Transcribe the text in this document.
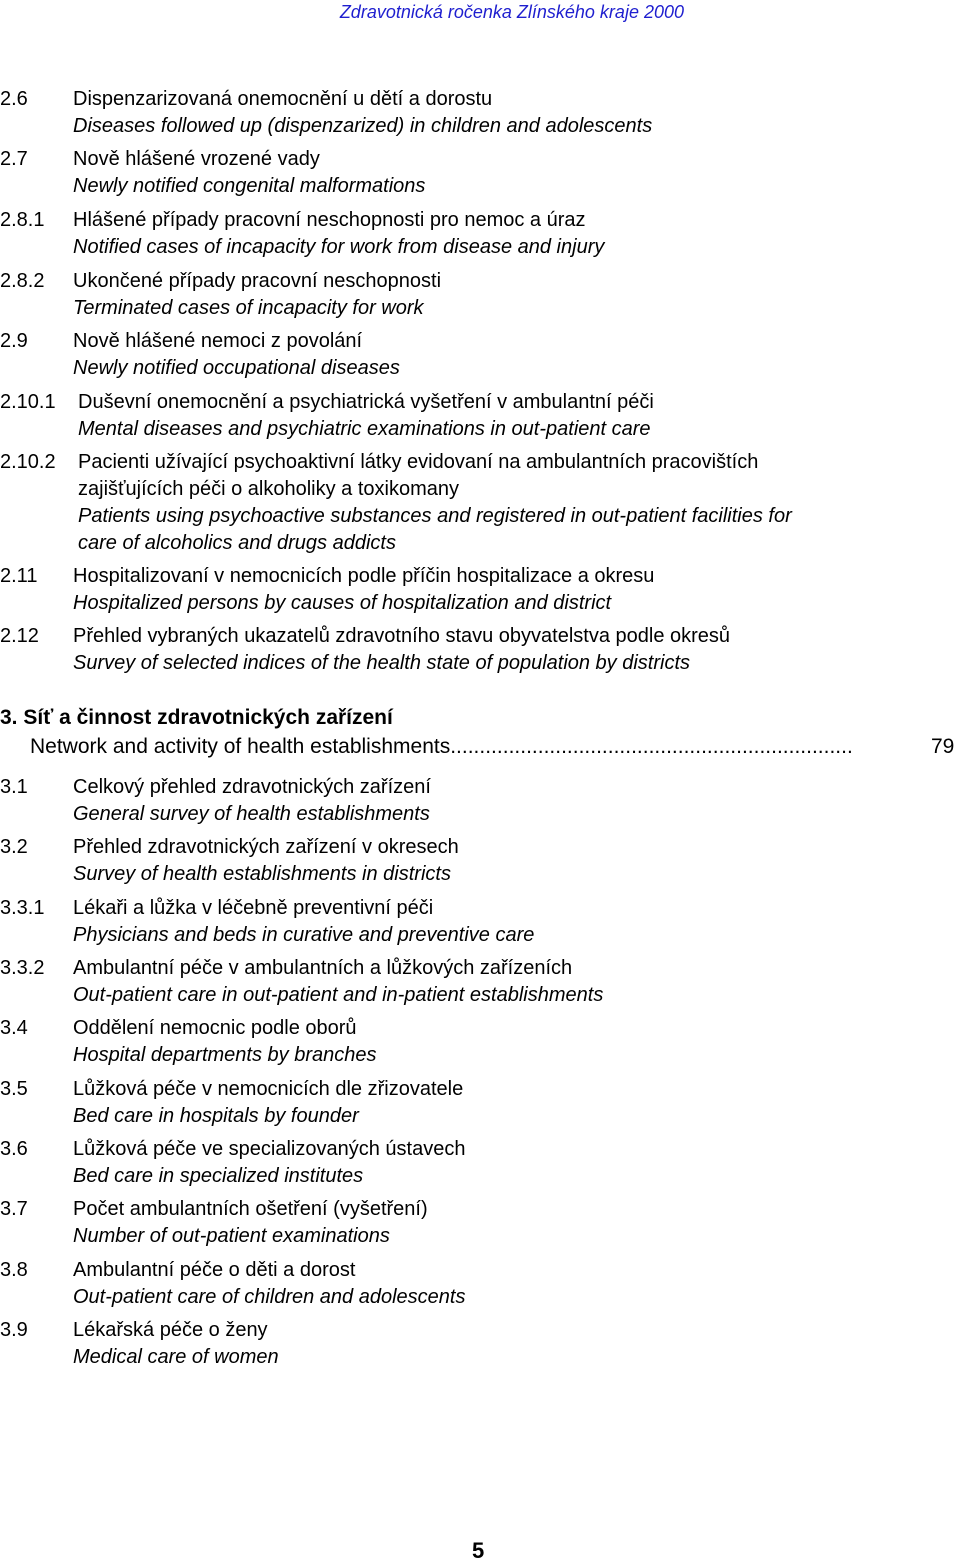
Zdravotnická ročenka Zlínského kraje 2000
2.6 Dispenzarizovaná onemocnění u dětí a dorostu
Diseases followed up (dispenzarized) in children and adolescents
2.7 Nově hlášené vrozené vady
Newly notified congenital malformations
2.8.1 Hlášené případy pracovní neschopnosti pro nemoc a úraz
Notified cases of incapacity for work from disease and injury
2.8.2 Ukončené případy pracovní neschopnosti
Terminated cases of incapacity for work
2.9 Nově hlášené nemoci z povolání
Newly notified occupational diseases
2.10.1 Duševní onemocnění a psychiatrická vyšetření v ambulantní péči
Mental diseases and psychiatric examinations in out-patient care
2.10.2 Pacienti užívající psychoaktivní látky evidovaní na ambulantních pracovištích
zajišťujících péči o alkoholiky a toxikomany
Patients using psychoactive substances and registered in out-patient facilities for
care of alcoholics and drugs addicts
2.11 Hospitalizovaní v nemocnicích podle příčin hospitalizace a okresu
Hospitalized persons by causes of hospitalization and district
2.12 Přehled vybraných ukazatelů zdravotního stavu obyvatelstva podle okresů
Survey of selected indices of the health state of population by districts
3. Síť a činnost zdravotnických zařízení
Network and activity of health establishments.....................................................................	79
3.1 Celkový přehled zdravotnických zařízení
General survey of health establishments
3.2 Přehled zdravotnických zařízení v okresech
Survey of health establishments in districts
3.3.1 Lékaři a lůžka v léčebně preventivní péči
Physicians and beds in curative and preventive care
3.3.2 Ambulantní péče v ambulantních a lůžkových zařízeních
Out-patient care in out-patient and in-patient establishments
3.4 Oddělení nemocnic podle oborů
Hospital departments by branches
3.5 Lůžková péče v nemocnicích dle zřizovatele
Bed care in hospitals by founder
3.6 Lůžková péče ve specializovaných ústavech
Bed care in specialized institutes
3.7 Počet ambulantních ošetření (vyšetření)
Number of out-patient examinations
3.8 Ambulantní péče o děti a dorost
Out-patient care of children and adolescents
3.9 Lékařská péče o ženy
Medical care of women
5
